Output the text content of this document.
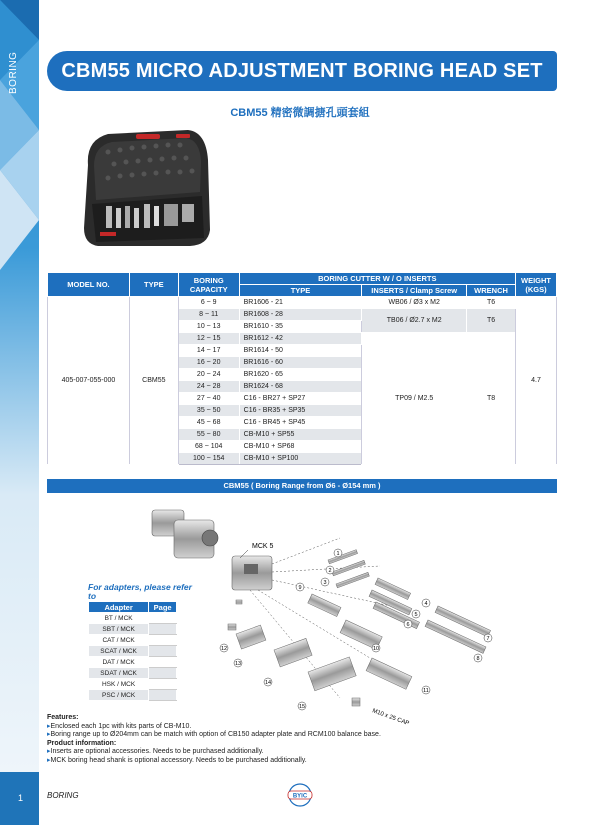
BORING
1
CBM55 MICRO ADJUSTMENT BORING HEAD SET
CBM55 精密微調搪孔頭套組
MODEL NO.	TYPE	BORING
CAPACITY	BORING CUTTER W / O INSERTS			WEIGHT
(KGS)
			TYPE	INSERTS / Clamp Screw	WRENCH	
405-007-055-000	CBM55	6 ~ 9	BR1606 - 21	WB06 / Ø3 x M2	T6	4.7
		8 ~ 11	BR1608 - 28	TB06 / Ø2.7 x M2	T6	
		10 ~ 13	BR1610 - 35			
		12 ~ 15	BR1612 - 42	TP09 / M2.5	T8	
		14 ~ 17	BR1614 - 50			
		16 ~ 20	BR1616 - 60			
		20 ~ 24	BR1620 - 65			
		24 ~ 28	BR1624 - 68			
		27 ~ 40	C16 - BR27 + SP27			
		35 ~ 50	C16 - BR35 + SP35			
		45 ~ 68	C16 - BR45 + SP45			
		55 ~ 80	CB-M10 + SP55			
		68 ~ 104	CB-M10 + SP68			
		100 ~ 154	CB-M10 + SP100			
CBM55 ( Boring Range from Ø6 - Ø154 mm )
MCK 5
M10 x 25 CAP
1
2
3
4
5
6
7
8
9
10
11
12
13
14
15
For adapters, please refer to
Adapter	Page
BT / MCK	
SBT / MCK	
CAT / MCK	
SCAT / MCK	
DAT / MCK	
SDAT / MCK	
HSK / MCK	
PSC / MCK	
Features:
▸ Enclosed each 1pc with kits parts of CB-M10.
▸ Boring range up to Ø204mm can be match with option of CB150 adapter plate and RCM100 balance base.
Product information:
▸ Inserts are optional accessories. Needs to be purchased additionally.
▸ MCK boring head shank is optional accessory. Needs to be purchased additionally.
BORING	BYIC
